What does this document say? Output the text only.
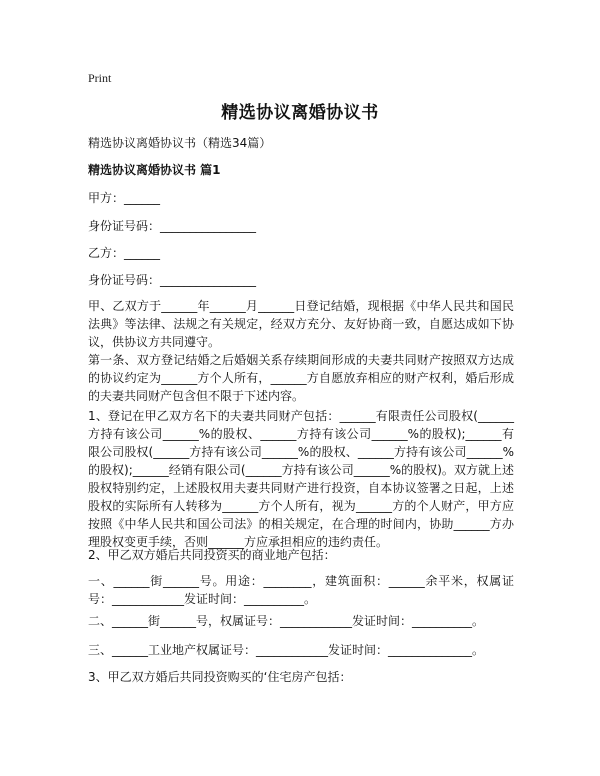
Print
精选协议离婚协议书
精选协议离婚协议书（精选34篇）
精选协议离婚协议书 篇1
甲方：______
身份证号码：________________
乙方：______
身份证号码：________________
甲、乙双方于______年______月______日登记结婚，现根据《中华人民共和国民法典》等法律、法规之有关规定，经双方充分、友好协商一致，自愿达成如下协议，供协议方共同遵守。
第一条、双方登记结婚之后婚姻关系存续期间形成的夫妻共同财产按照双方达成的协议约定为______方个人所有，______方自愿放弃相应的财产权利，婚后形成的夫妻共同财产包含但不限于下述内容。
1、登记在甲乙双方名下的夫妻共同财产包括：______有限责任公司股权(______方持有该公司______%的股权、______方持有该公司______%的股权);______有限公司股权(______方持有该公司______%的股权、______方持有该公司______%的股权);______经销有限公司(______方持有该公司______%的股权)。双方就上述股权特别约定，上述股权用夫妻共同财产进行投资，自本协议签署之日起，上述股权的实际所有人转移为______方个人所有，视为______方的个人财产，甲方应按照《中华人民共和国公司法》的相关规定，在合理的时间内，协助______方办理股权变更手续，否则______方应承担相应的违约责任。
2、甲乙双方婚后共同投资买的商业地产包括：
一、______街______号。用途：________，建筑面积：______余平米，权属证号：____________发证时间：__________。
二、______街______号，权属证号：____________发证时间：__________。
三、______工业地产权属证号：____________发证时间：______________。
3、甲乙双方婚后共同投资购买的‘住宅房产包括：
